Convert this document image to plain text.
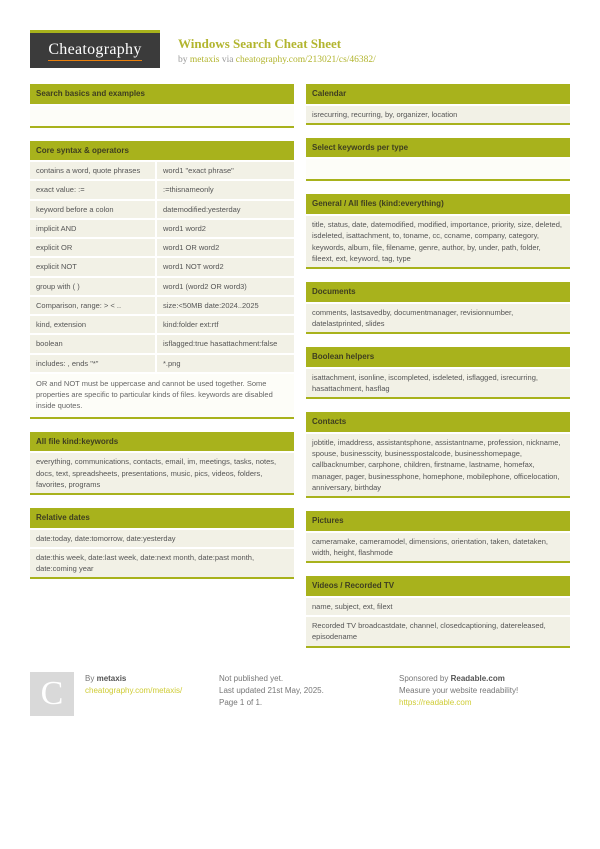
Cheatography	Windows Search Cheat Sheet

by metaxis via cheatography.com/213021/cs/46382/

Search basics and examples
Core syntax & operators
contains a word, quote phrases	word1 "exact phrase"
exact value: :=	:=thisnameonly
keyword before a colon	datemodified:yesterday
implicit AND	word1 word2
explicit OR	word1 OR word2
explicit NOT	word1 NOT word2
group with ( )	word1 (word2 OR word3)
Comparison, range: > < ..	size:<50MB date:2024..2025
kind, extension	kind:folder ext:rtf
boolean	isflagged:true hasattachment:false
includes: , ends "*"	*.png
OR and NOT must be uppercase and cannot be used together. Some properties are specific to particular kinds of files. keywords are disabled inside quotes.
All file kind:keywords
everything, communications, contacts, email, im, meetings, tasks, notes, docs, text, spreadsheets, presentations, music, pics, videos, folders, favorites, programs
Relative dates
date:today, date:tomorrow, date:yesterday
date:this week, date:last week, date:next month, date:past month, date:coming year
Calendar
isrecurring, recurring, by, organizer, location
Select keywords per type
General / All files (kind:everything)
title, status, date, datemodified, modified, importance, priority, size, deleted, isdeleted, isattachment, to, toname, cc, ccname, company, category, keywords, album, file, filename, genre, author, by, under, path, folder, fileext, ext, keyword, tag, type
Documents
comments, lastsavedby, documentmanager, revisionnumber, datelastprinted, slides
Boolean helpers
isattachment, isonline, iscompleted, isdeleted, isflagged, isrecurring, hasattachment, hasflag
Contacts
jobtitle, imaddress, assistantsphone, assistantname, profession, nickname, spouse, businesscity, businesspostalcode, businesshomepage, callbacknumber, carphone, children, firstname, lastname, homefax, manager, pager, businessphone, homephone, mobilephone, officelocation, anniversary, birthday
Pictures
cameramake, cameramodel, dimensions, orientation, taken, datetaken, width, height, flashmode
Videos / Recorded TV
name, subject, ext, filext
Recorded TV broadcastdate, channel, closedcaptioning, datereleased, episodename
C	By metaxis
cheatography.com/metaxis/
Not published yet.
Last updated 21st May, 2025.
Page 1 of 1.
Sponsored by Readable.com
Measure your website readability!
https://readable.com
